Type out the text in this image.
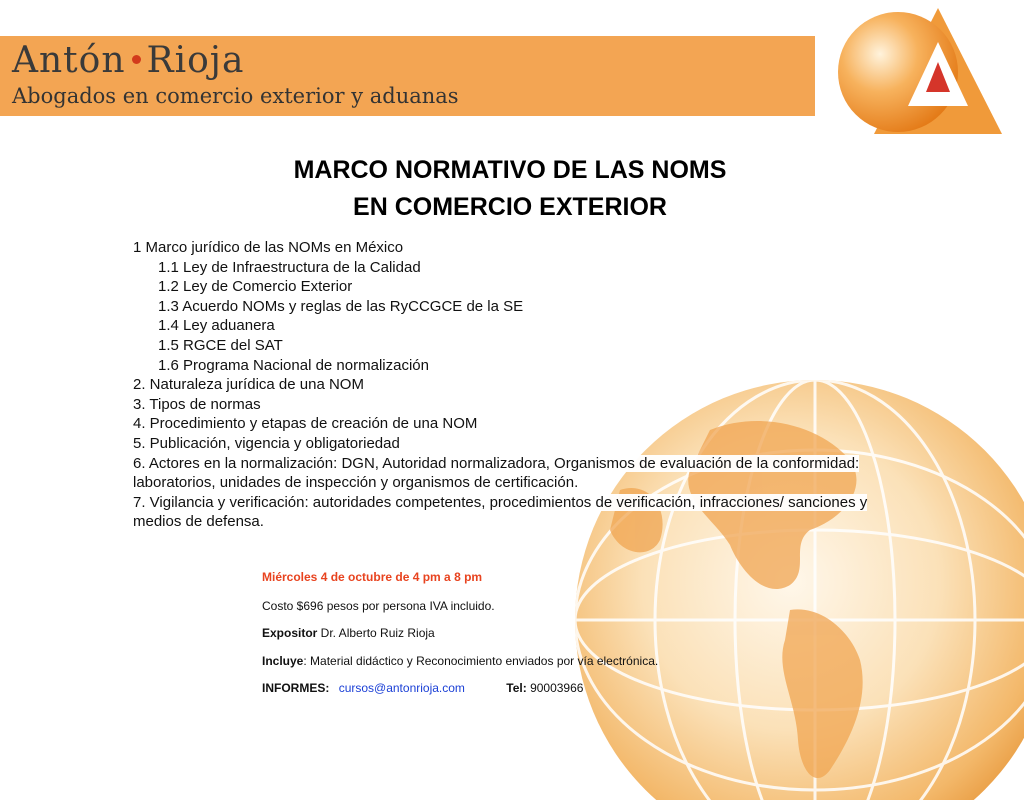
Antón Rioja
Abogados en comercio exterior y aduanas
MARCO NORMATIVO DE LAS NOMS
EN COMERCIO EXTERIOR
1 Marco jurídico de las NOMs en México
1.1 Ley de Infraestructura de la Calidad
1.2 Ley de Comercio Exterior
1.3 Acuerdo NOMs y reglas de las RyCCGCE de la SE
1.4 Ley aduanera
1.5 RGCE del SAT
1.6 Programa Nacional de normalización
2. Naturaleza jurídica de una NOM
3. Tipos de normas
4. Procedimiento y etapas de creación de una NOM
5. Publicación, vigencia y obligatoriedad
6. Actores en la normalización: DGN, Autoridad normalizadora, Organismos de evaluación de la conformidad:
laboratorios, unidades de inspección y organismos de certificación.
7. Vigilancia y verificación: autoridades competentes, procedimientos de verificación, infracciones/ sanciones y
medios de defensa.
Miércoles 4 de octubre de 4 pm a 8 pm
Costo $696 pesos por persona IVA incluido.
Expositor Dr. Alberto Ruiz Rioja
Incluye: Material didáctico y Reconocimiento enviados por vía electrónica.
INFORMES: cursos@antonrioja.com	Tel: 90003966
